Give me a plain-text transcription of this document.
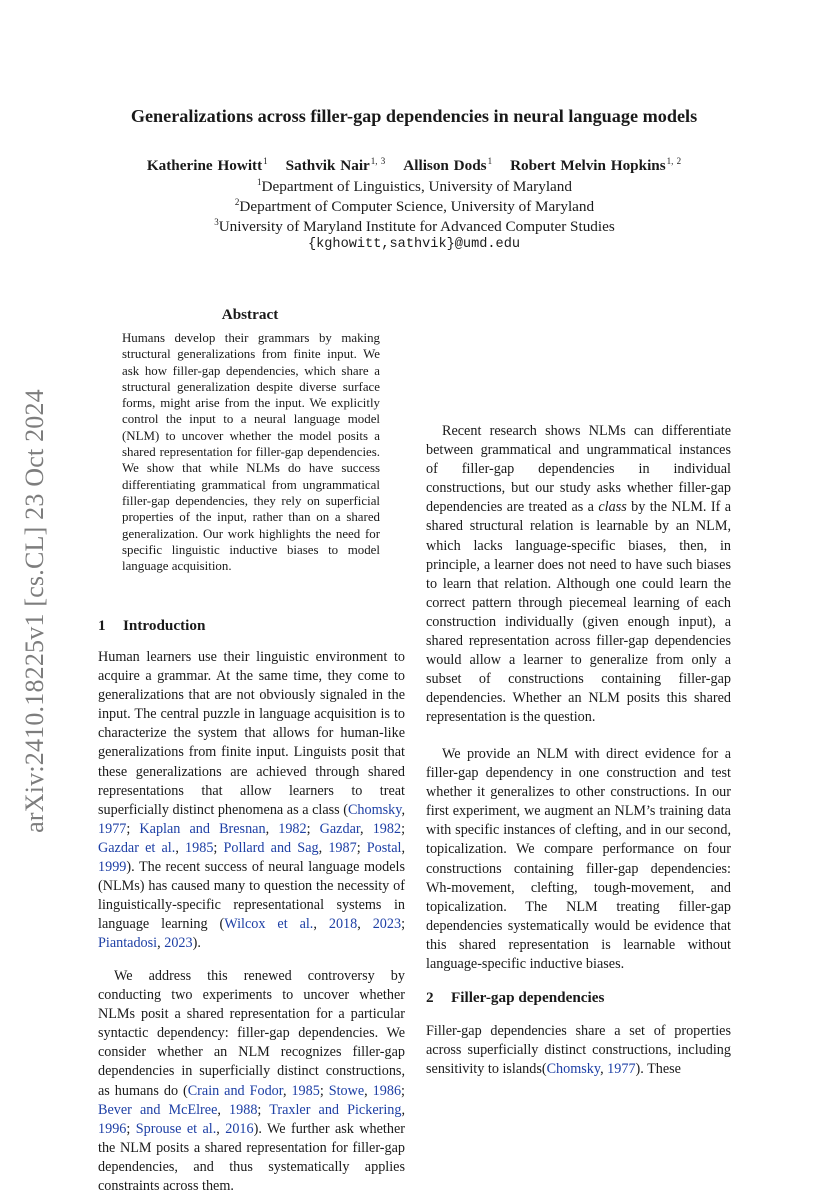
arXiv:2410.18225v1 [cs.CL] 23 Oct 2024
Generalizations across filler-gap dependencies in neural language models
Katherine Howitt$^1$ Sathvik Nair$^{1, 3}$ Allison Dods$^1$ Robert Melvin Hopkins$^{1, 2}$
$^1$Department of Linguistics, University of Maryland
$^2$Department of Computer Science, University of Maryland
$^3$University of Maryland Institute for Advanced Computer Studies
{kghowitt,sathvik}@umd.edu
Abstract
Humans develop their grammars by making structural generalizations from finite input. We ask how filler-gap dependencies, which share a structural generalization despite diverse surface forms, might arise from the input. We explicitly control the input to a neural language model (NLM) to uncover whether the model posits a shared representation for filler-gap dependencies. We show that while NLMs do have success differentiating grammatical from ungrammatical filler-gap dependencies, they rely on superficial properties of the input, rather than on a shared generalization. Our work highlights the need for specific linguistic inductive biases to model language acquisition.
1 Introduction
Human learners use their linguistic environment to acquire a grammar. At the same time, they come to generalizations that are not obviously signaled in the input. The central puzzle in language acquisition is to characterize the system that allows for human-like generalizations from finite input. Linguists posit that these generalizations are achieved through shared representations that allow learners to treat superficially distinct phenomena as a class (Chomsky, 1977; Kaplan and Bresnan, 1982; Gazdar, 1982; Gazdar et al., 1985; Pollard and Sag, 1987; Postal, 1999). The recent success of neural language models (NLMs) has caused many to question the necessity of linguistically-specific representational systems in language learning (Wilcox et al., 2018, 2023; Piantadosi, 2023).
We address this renewed controversy by conducting two experiments to uncover whether NLMs posit a shared representation for a particular syntactic dependency: filler-gap dependencies. We consider whether an NLM recognizes filler-gap dependencies in superficially distinct constructions, as humans do (Crain and Fodor, 1985; Stowe, 1986; Bever and McElree, 1988; Traxler and Pickering, 1996; Sprouse et al., 2016). We further ask whether the NLM posits a shared representation for filler-gap dependencies, and thus systematically applies constraints across them.
Recent research shows NLMs can differentiate between grammatical and ungrammatical instances of filler-gap dependencies in individual constructions, but our study asks whether filler-gap dependencies are treated as a class by the NLM. If a shared structural relation is learnable by an NLM, which lacks language-specific biases, then, in principle, a learner does not need to have such biases to learn that relation. Although one could learn the correct pattern through piecemeal learning of each construction individually (given enough input), a shared representation across filler-gap dependencies would allow a learner to generalize from only a subset of constructions containing filler-gap dependencies. Whether an NLM posits this shared representation is the question.
We provide an NLM with direct evidence for a filler-gap dependency in one construction and test whether it generalizes to other constructions. In our first experiment, we augment an NLM’s training data with specific instances of clefting, and in our second, topicalization. We compare performance on four constructions containing filler-gap dependencies: Wh-movement, clefting, tough-movement, and topicalization. The NLM treating filler-gap dependencies systematically would be evidence that this shared representation is learnable without language-specific inductive biases.
2 Filler-gap dependencies
Filler-gap dependencies share a set of properties across superficially distinct constructions, including sensitivity to islands(Chomsky, 1977). These
